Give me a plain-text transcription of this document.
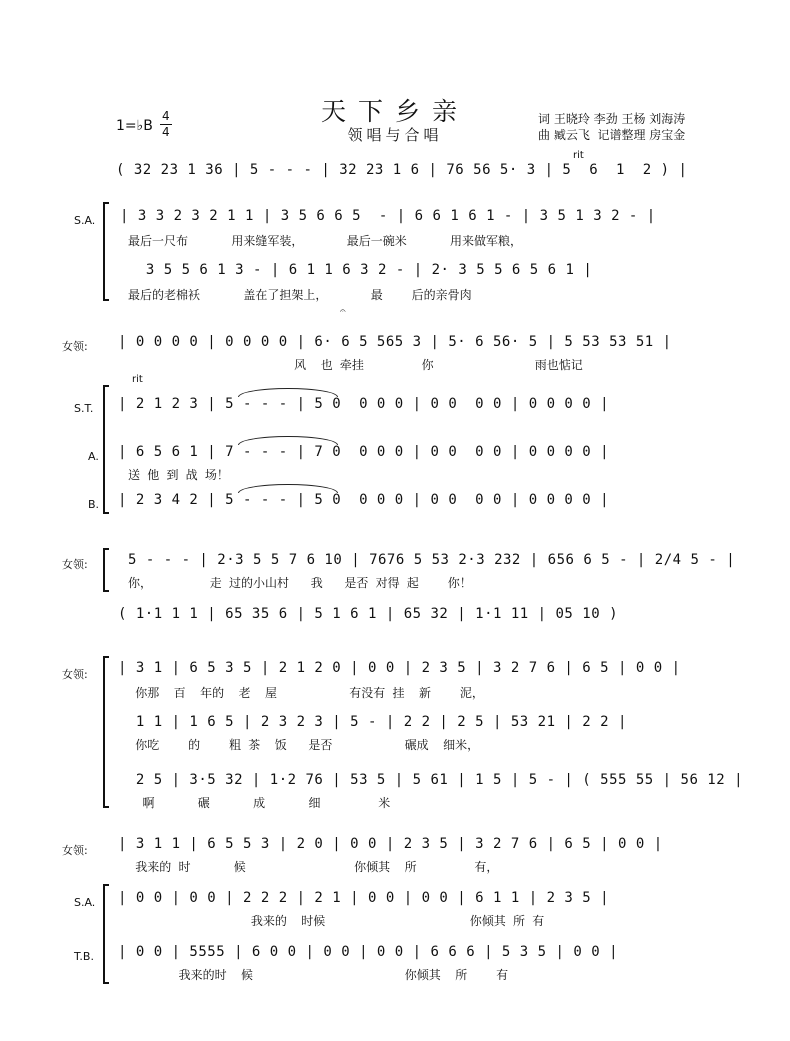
天下乡亲
领唱与合唱
词 王晓玲 李劲 王杨 刘海涛
曲 臧云飞  记谱整理 房宝金
1=♭B
4
4
rit
( 32 23 1 36 | 5 - - - | 32 23 1 6 | 76 56 5· 3 | 5  6  1  2 ) |
S.A. | 3 3 2 3 2 1 1 | 3 5 6 6 5  - | 6 6 1 6 1 - | 3 5 1 3 2 - |
最后一尺布      用来缝军装，      最后一碗米      用来做军粮，
3 5 5 6 1 3 - | 6 1 1 6 3 2 - | 2· 3 5 5 6 5 6 1 |
最后的老棉袄      盖在了担架上，      最    后的亲骨肉
女领:
𝄐
| 0 0 0 0 | 0 0 0 0 | 6· 6 5 565 3 | 5· 6 56· 5 | 5 53 53 51 |
风  也 牵挂        你              雨也惦记
rit
S.T. | 2 1 2 3 | 5 - - - | 5 0  0 0 0 | 0 0  0 0 | 0 0 0 0 |
A. | 6 5 6 1 | 7 - - - | 7 0  0 0 0 | 0 0  0 0 | 0 0 0 0 |
送 他 到 战 场！
B. | 2 3 4 2 | 5 - - - | 5 0  0 0 0 | 0 0  0 0 | 0 0 0 0 |
女领:	5 - - - | 2·3 5 5 7 6 10 | 7676 5 53 2·3 232 | 656 6 5 - | 2/4 5 - |
你，        走 过的小山村   我   是否 对得 起    你！
( 1·1 1 1 | 65 35 6 | 5 1 6 1 | 65 32 | 1·1 11 | 05 10 )
女领: | 3 1 | 6 5 3 5 | 2 1 2 0 | 0 0 | 2 3 5 | 3 2 7 6 | 6 5 | 0 0 |
你那  百  年的  老  屋          有没有 挂  新    泥，
1 1 | 1 6 5 | 2 3 2 3 | 5 - | 2 2 | 2 5 | 53 21 | 2 2 |
你吃    的    粗 茶  饭   是否          碾成  细米，
2 5 | 3·5 32 | 1·2 76 | 53 5 | 5 61 | 1 5 | 5 - | ( 555 55 | 56 12 |
啊      碾      成      细        米
女领: | 3 1 1 | 6 5 5 3 | 2 0 | 0 0 | 2 3 5 | 3 2 7 6 | 6 5 | 0 0 |
我来的 时      候               你倾其  所        有，
S.A. | 0 0 | 0 0 | 2 2 2 | 2 1 | 0 0 | 0 0 | 6 1 1 | 2 3 5 |
我来的  时候                    你倾其 所 有
T.B. | 0 0 | 5555 | 6 0 0 | 0 0 | 0 0 | 6 6 6 | 5 3 5 | 0 0 |
我来的时  候                     你倾其  所    有
